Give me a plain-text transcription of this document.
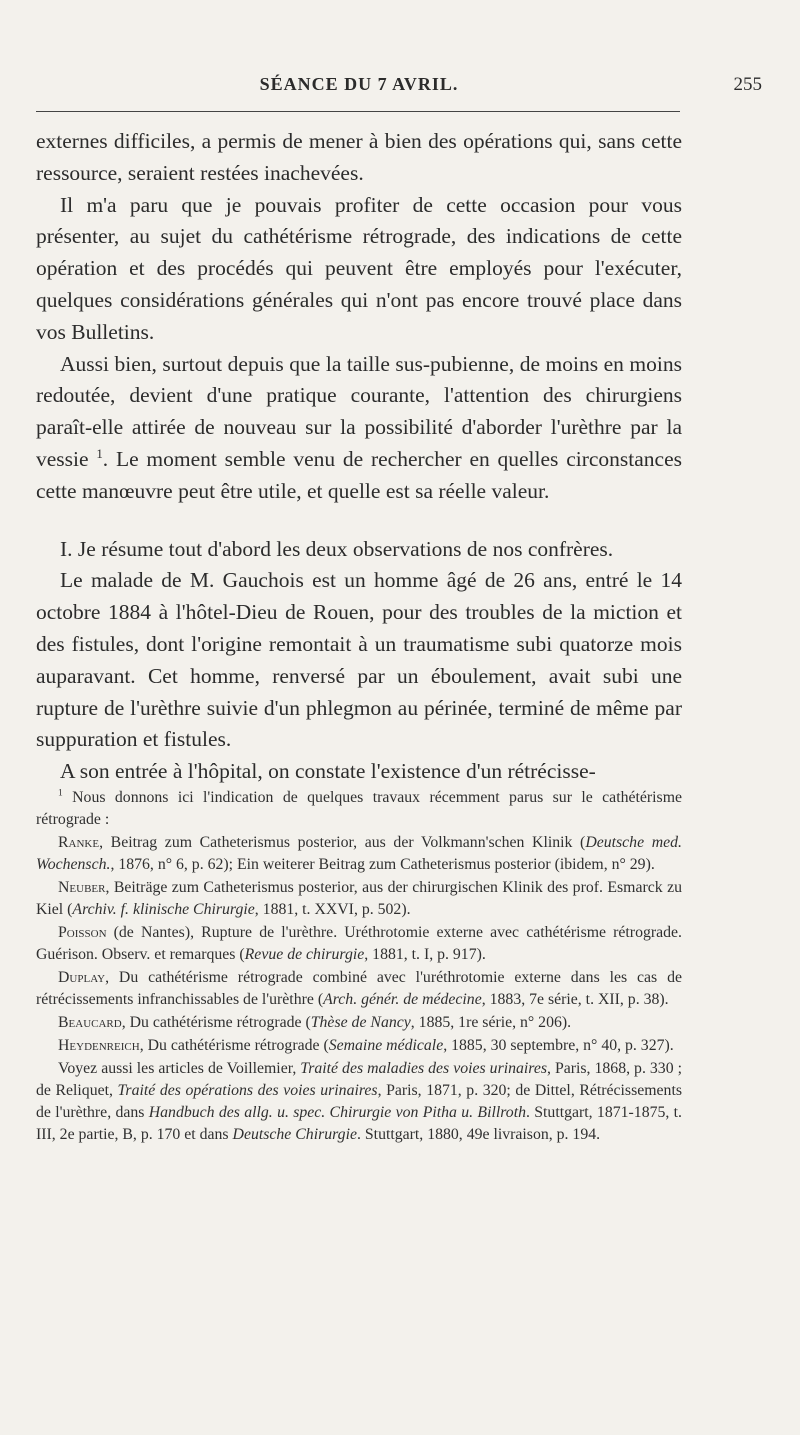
SÉANCE DU 7 AVRIL.	255

externes difficiles, a permis de mener à bien des opérations qui, sans cette ressource, seraient restées inachevées.

Il m'a paru que je pouvais profiter de cette occasion pour vous présenter, au sujet du cathétérisme rétrograde, des indications de cette opération et des procédés qui peuvent être employés pour l'exécuter, quelques considérations générales qui n'ont pas encore trouvé place dans vos Bulletins.

Aussi bien, surtout depuis que la taille sus-pubienne, de moins en moins redoutée, devient d'une pratique courante, l'attention des chirurgiens paraît-elle attirée de nouveau sur la possibilité d'aborder l'urèthre par la vessie $^1$. Le moment semble venu de rechercher en quelles circonstances cette manœuvre peut être utile, et quelle est sa réelle valeur.

I. Je résume tout d'abord les deux observations de nos confrères.

Le malade de M. Gauchois est un homme âgé de 26 ans, entré le 14 octobre 1884 à l'hôtel-Dieu de Rouen, pour des troubles de la miction et des fistules, dont l'origine remontait à un traumatisme subi quatorze mois auparavant. Cet homme, renversé par un éboulement, avait subi une rupture de l'urèthre suivie d'un phlegmon au périnée, terminé de même par suppuration et fistules.

A son entrée à l'hôpital, on constate l'existence d'un rétrécisse-

$^1$ Nous donnons ici l'indication de quelques travaux récemment parus sur le cathétérisme rétrograde :

Ranke, Beitrag zum Catheterismus posterior, aus der Volkmann'schen Klinik (Deutsche med. Wochensch., 1876, n° 6, p. 62); Ein weiterer Beitrag zum Catheterismus posterior (ibidem, n° 29).

Neuber, Beiträge zum Catheterismus posterior, aus der chirurgischen Klinik des prof. Esmarck zu Kiel (Archiv. f. klinische Chirurgie, 1881, t. XXVI, p. 502).

Poisson (de Nantes), Rupture de l'urèthre. Uréthrotomie externe avec cathétérisme rétrograde. Guérison. Observ. et remarques (Revue de chirurgie, 1881, t. I, p. 917).

Duplay, Du cathétérisme rétrograde combiné avec l'uréthrotomie externe dans les cas de rétrécissements infranchissables de l'urèthre (Arch. génér. de médecine, 1883, 7e série, t. XII, p. 38).

Beaucard, Du cathétérisme rétrograde (Thèse de Nancy, 1885, 1re série, n° 206).

Heydenreich, Du cathétérisme rétrograde (Semaine médicale, 1885, 30 septembre, n° 40, p. 327).

Voyez aussi les articles de Voillemier, Traité des maladies des voies urinaires, Paris, 1868, p. 330 ; de Reliquet, Traité des opérations des voies urinaires, Paris, 1871, p. 320; de Dittel, Rétrécissements de l'urèthre, dans Handbuch des allg. u. spec. Chirurgie von Pitha u. Billroth. Stuttgart, 1871-1875, t. III, 2e partie, B, p. 170 et dans Deutsche Chirurgie. Stuttgart, 1880, 49e livraison, p. 194.
